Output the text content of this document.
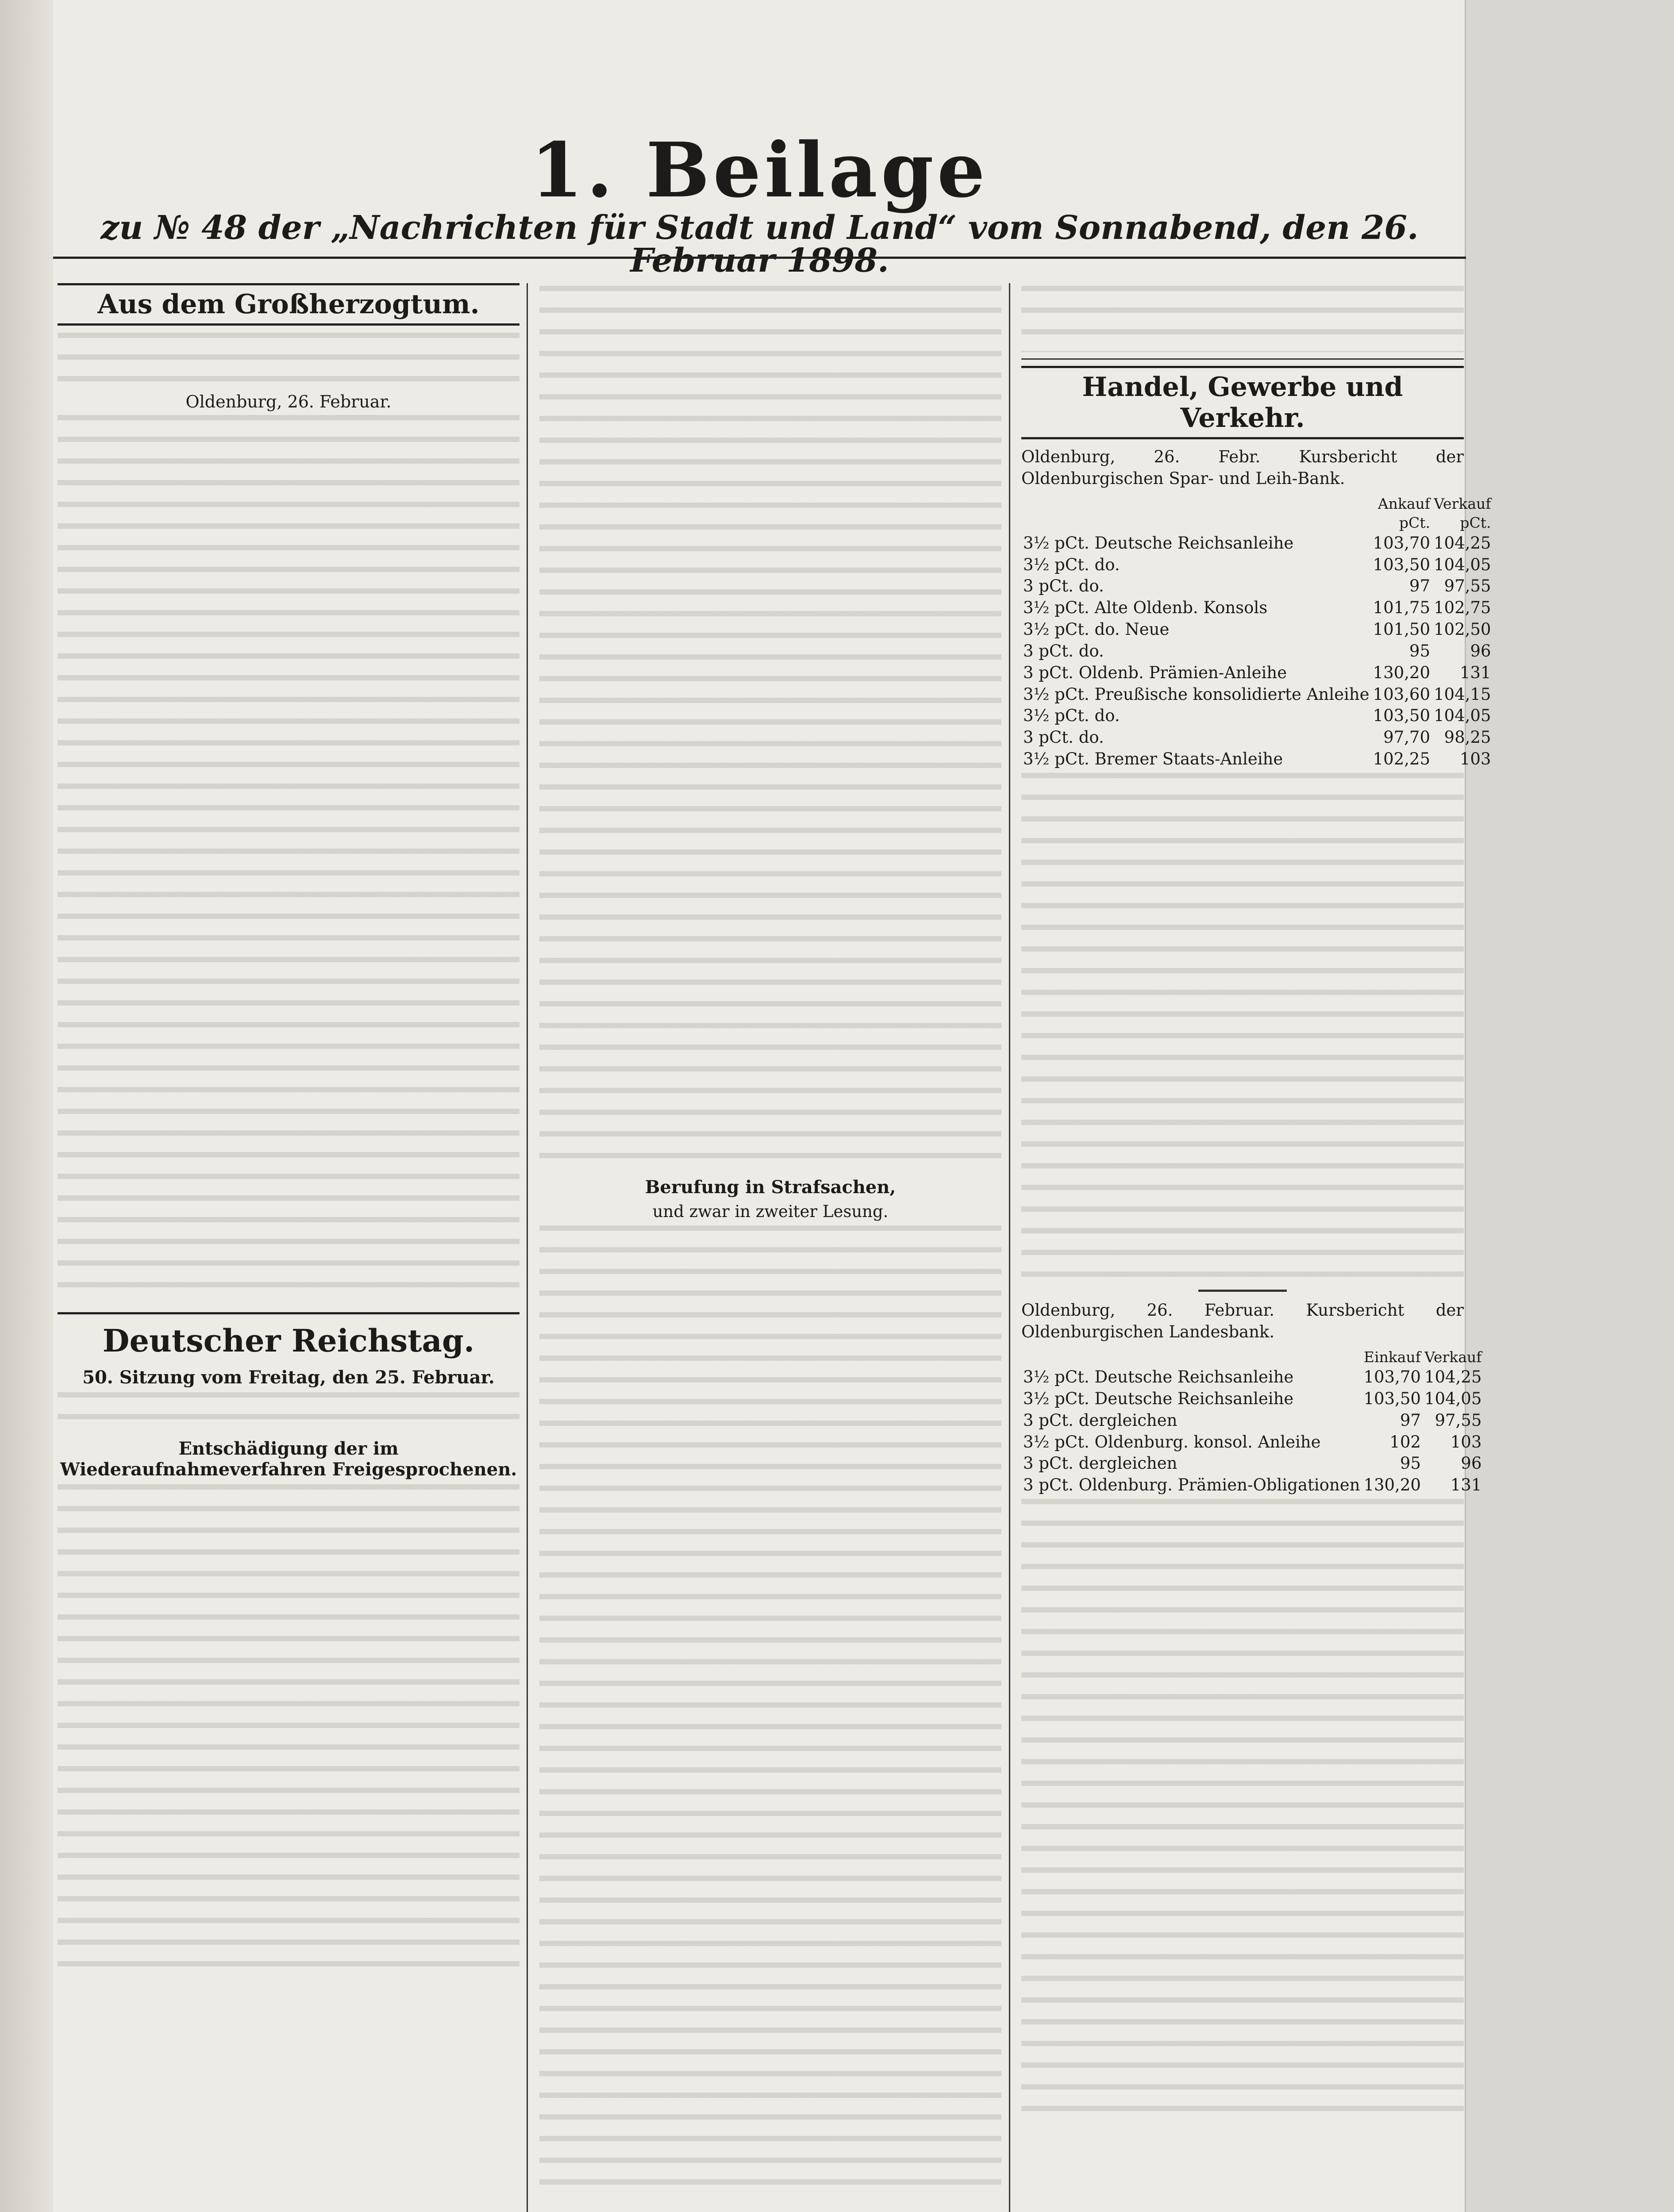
1. Beilage
zu № 48 der „Nachrichten für Stadt und Land“ vom Sonnabend, den 26. Februar 1898.
Aus dem Großherzogtum.
Oldenburg, 26. Februar.
Deutscher Reichstag.
50. Sitzung vom Freitag, den 25. Februar.
Entschädigung der im Wiederaufnahmeverfahren Freigesprochenen.
Berufung in Strafsachen,
und zwar in zweiter Lesung.
Handel, Gewerbe und Verkehr.
Oldenburg, 26. Febr. Kursbericht der Oldenburgischen Spar- und Leih-Bank.
	Ankauf	Verkauf
	pCt.	pCt.
3½ pCt. Deutsche Reichsanleihe	103,70	104,25
3½ pCt. do.	103,50	104,05
3 pCt. do.	97	97,55
3½ pCt. Alte Oldenb. Konsols	101,75	102,75
3½ pCt. do. Neue	101,50	102,50
3 pCt. do.	95	96
3 pCt. Oldenb. Prämien-Anleihe	130,20	131
3½ pCt. Preußische konsolidierte Anleihe	103,60	104,15
3½ pCt. do.	103,50	104,05
3 pCt. do.	97,70	98,25
3½ pCt. Bremer Staats-Anleihe	102,25	103
Oldenburg, 26. Februar. Kursbericht der Oldenburgischen Landesbank.
	Einkauf	Verkauf
3½ pCt. Deutsche Reichsanleihe	103,70	104,25
3½ pCt. Deutsche Reichsanleihe	103,50	104,05
3 pCt. dergleichen	97	97,55
3½ pCt. Oldenburg. konsol. Anleihe	102	103
3 pCt. dergleichen	95	96
3 pCt. Oldenburg. Prämien-Obligationen	130,20	131
